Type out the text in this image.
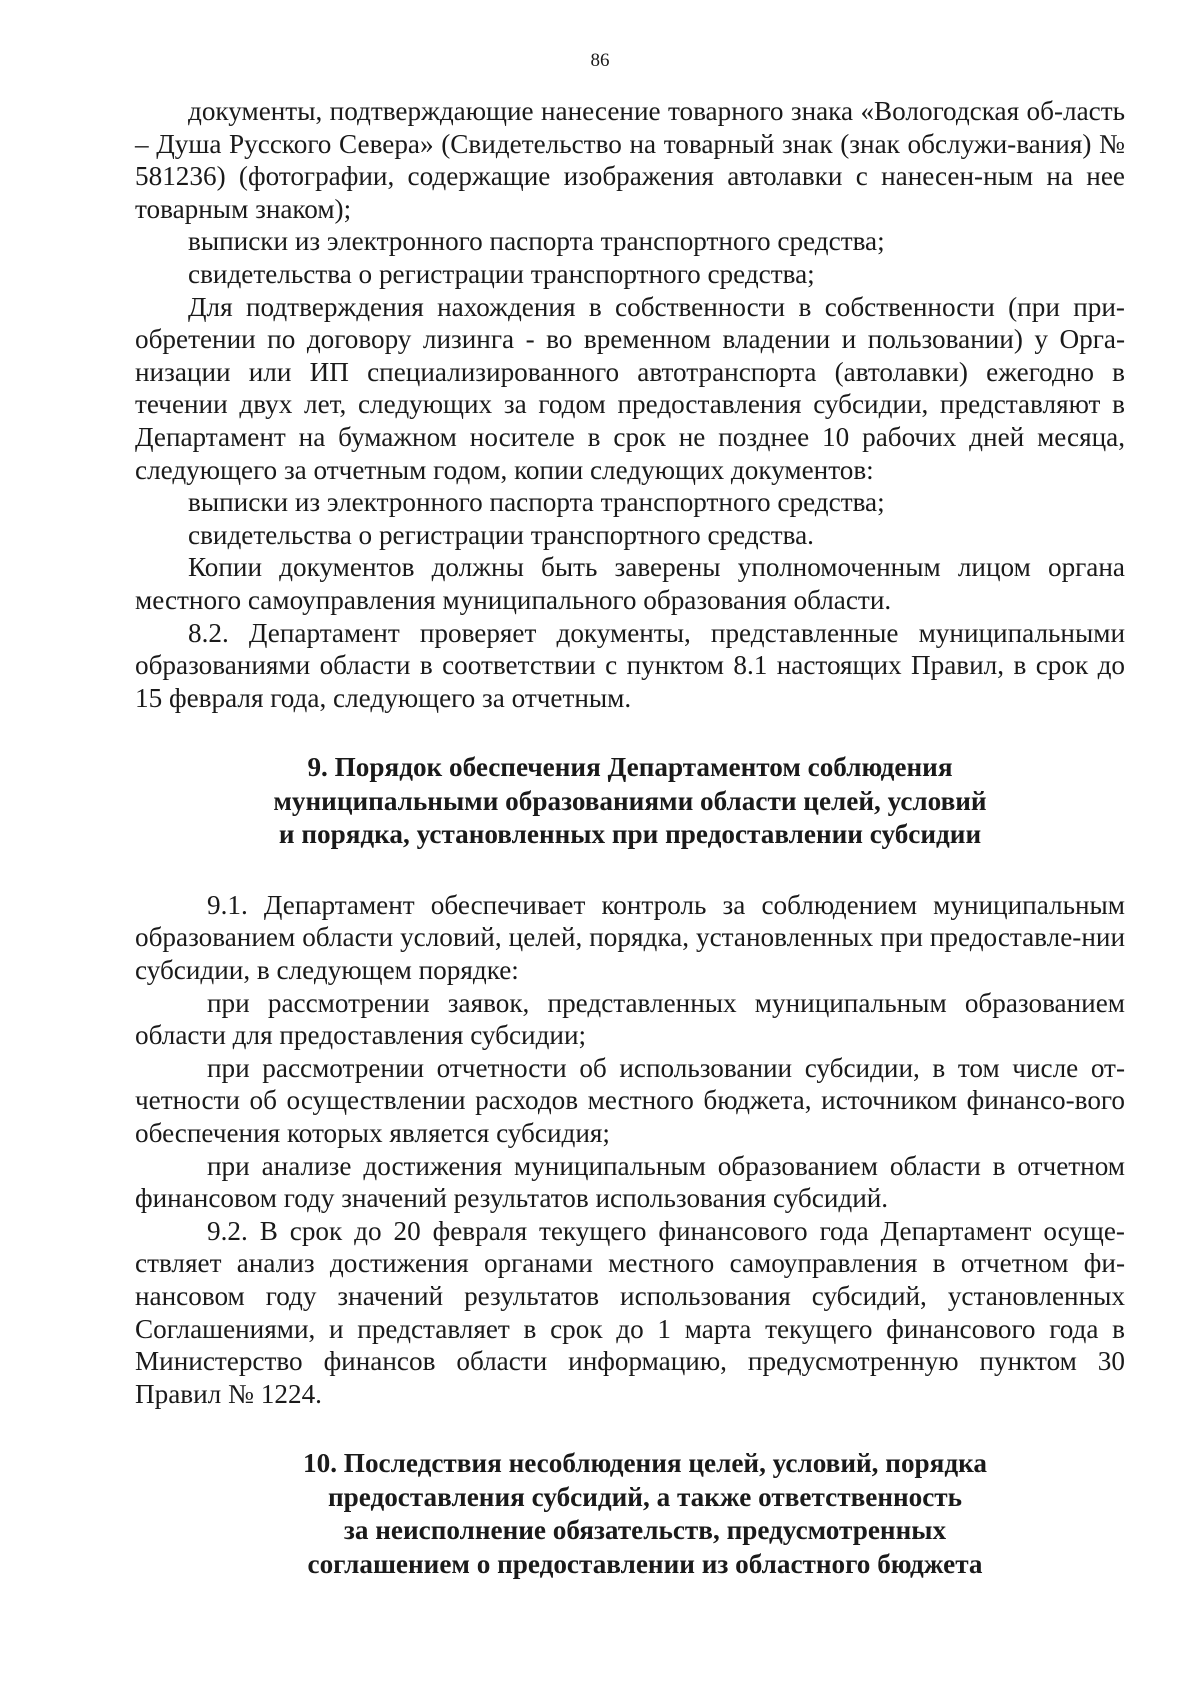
86

документы, подтверждающие нанесение товарного знака «Вологодская об-ласть – Душа Русского Севера» (Свидетельство на товарный знак (знак обслужи-вания) № 581236) (фотографии, содержащие изображения автолавки с нанесен-ным на нее товарным знаком);

выписки из электронного паспорта транспортного средства;

свидетельства о регистрации транспортного средства;

Для подтверждения нахождения в собственности в собственности (при при-обретении по договору лизинга - во временном владении и пользовании) у Орга-низации или ИП специализированного автотранспорта (автолавки) ежегодно в течении двух лет, следующих за годом предоставления субсидии, представляют в Департамент на бумажном носителе в срок не позднее 10 рабочих дней месяца, следующего за отчетным годом, копии следующих документов:

выписки из электронного паспорта транспортного средства;

свидетельства о регистрации транспортного средства.

Копии документов должны быть заверены уполномоченным лицом органа местного самоуправления муниципального образования области.

8.2. Департамент проверяет документы, представленные муниципальными образованиями области в соответствии с пунктом 8.1 настоящих Правил, в срок до 15 февраля года, следующего за отчетным.

9. Порядок обеспечения Департаментом соблюдения
муниципальными образованиями области целей, условий
и порядка, установленных при предоставлении субсидии

9.1. Департамент обеспечивает контроль за соблюдением муниципальным образованием области условий, целей, порядка, установленных при предоставле-нии субсидии, в следующем порядке:

при рассмотрении заявок, представленных муниципальным образованием области для предоставления субсидии;

при рассмотрении отчетности об использовании субсидии, в том числе от-четности об осуществлении расходов местного бюджета, источником финансо-вого обеспечения которых является субсидия;

при анализе достижения муниципальным образованием области в отчетном финансовом году значений результатов использования субсидий.

9.2. В срок до 20 февраля текущего финансового года Департамент осуще-ствляет анализ достижения органами местного самоуправления в отчетном фи-нансовом году значений результатов использования субсидий, установленных Соглашениями, и представляет в срок до 1 марта текущего финансового года в Министерство финансов области информацию, предусмотренную пунктом 30 Правил № 1224.

10. Последствия несоблюдения целей, условий, порядка
предоставления субсидий, а также ответственность
за неисполнение обязательств, предусмотренных
соглашением о предоставлении из областного бюджета
